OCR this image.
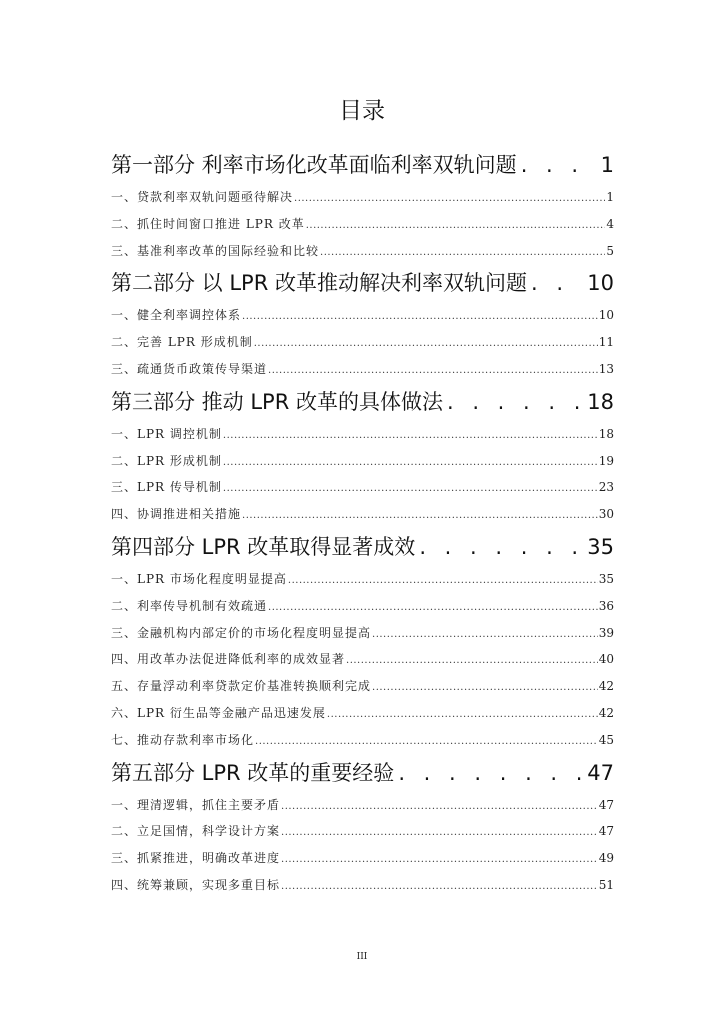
目录
第一部分 利率市场化改革面临利率双轨问题 . . .	1
一、贷款利率双轨问题亟待解决 .....	1
二、抓住时间窗口推进 LPR 改革 .....	4
三、基准利率改革的国际经验和比较 .....	5
第二部分 以 LPR 改革推动解决利率双轨问题 . . .	10
一、健全利率调控体系 .....	10
二、完善 LPR 形成机制 .....	11
三、疏通货币政策传导渠道 .....	13
第三部分 推动 LPR 改革的具体做法 . . .	18
一、LPR 调控机制 .....	18
二、LPR 形成机制 .....	19
三、LPR 传导机制 .....	23
四、协调推进相关措施 .....	30
第四部分 LPR 改革取得显著成效 . . .	35
一、LPR 市场化程度明显提高 .....	35
二、利率传导机制有效疏通 .....	36
三、金融机构内部定价的市场化程度明显提高 .....	39
四、用改革办法促进降低利率的成效显著 .....	40
五、存量浮动利率贷款定价基准转换顺利完成 .....	42
六、LPR 衍生品等金融产品迅速发展 .....	42
七、推动存款利率市场化 .....	45
第五部分 LPR 改革的重要经验 . . .	47
一、理清逻辑，抓住主要矛盾 .....	47
二、立足国情，科学设计方案 .....	47
三、抓紧推进，明确改革进度 .....	49
四、统筹兼顾，实现多重目标 .....	51
III
